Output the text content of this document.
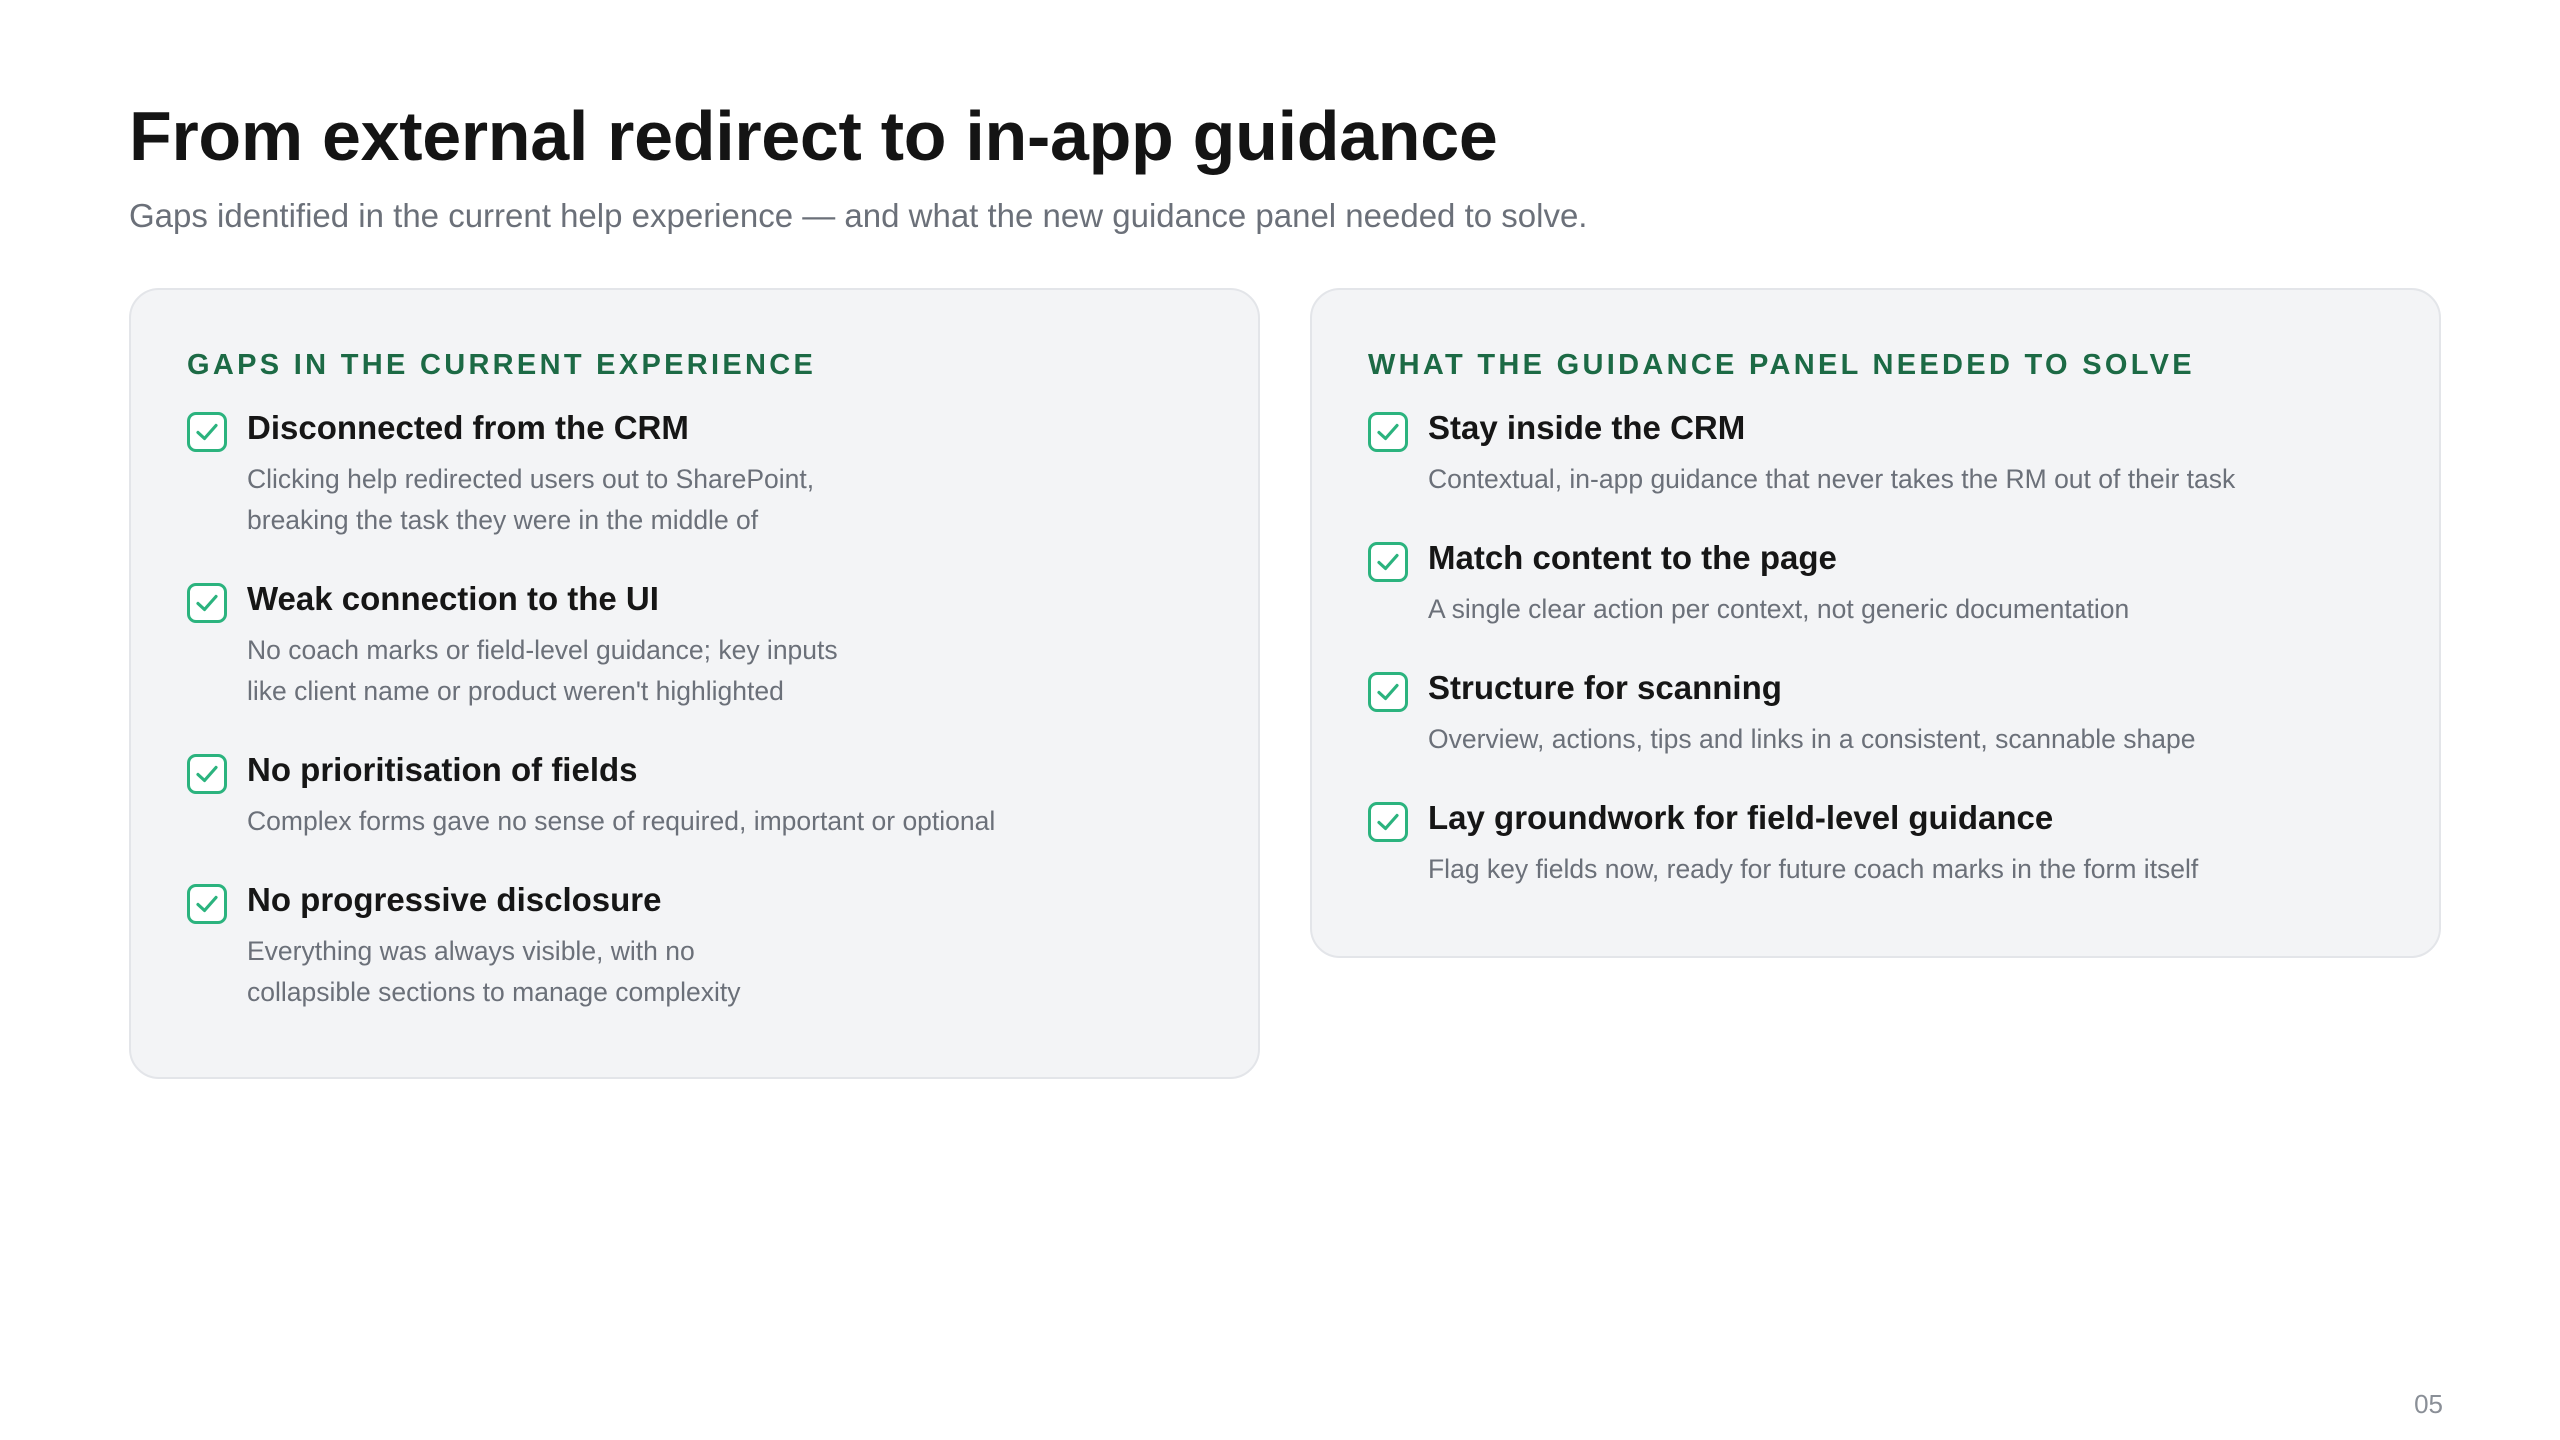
From external redirect to in-app guidance

Gaps identified in the current help experience — and what the new guidance panel needed to solve.

GAPS IN THE CURRENT EXPERIENCE
Disconnected from the CRM
Clicking help redirected users out to SharePoint,
breaking the task they were in the middle of
Weak connection to the UI
No coach marks or field-level guidance; key inputs
like client name or product weren't highlighted
No prioritisation of fields
Complex forms gave no sense of required, important or optional
No progressive disclosure
Everything was always visible, with no
collapsible sections to manage complexity
WHAT THE GUIDANCE PANEL NEEDED TO SOLVE
Stay inside the CRM
Contextual, in-app guidance that never takes the RM out of their task
Match content to the page
A single clear action per context, not generic documentation
Structure for scanning
Overview, actions, tips and links in a consistent, scannable shape
Lay groundwork for field-level guidance
Flag key fields now, ready for future coach marks in the form itself
05
